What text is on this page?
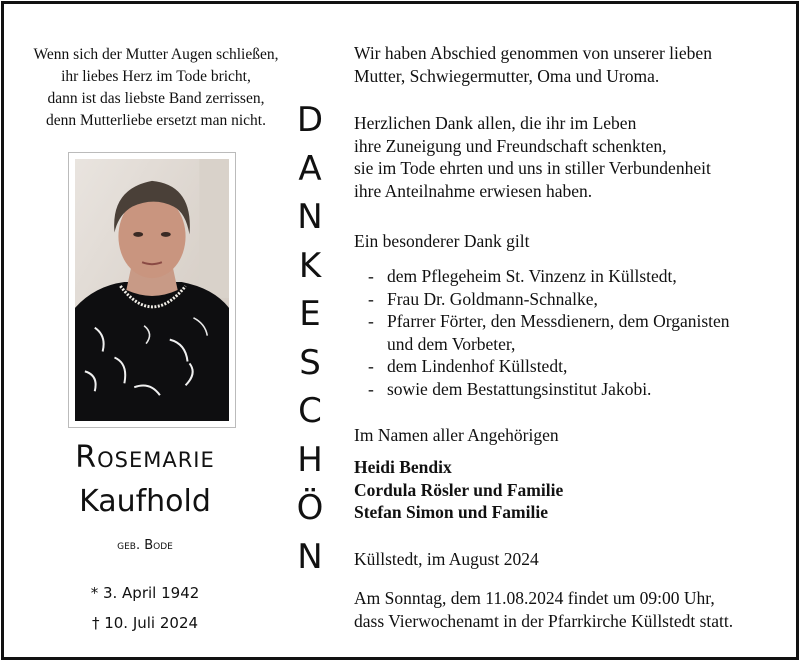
Wenn sich der Mutter Augen schließen,
ihr liebes Herz im Tode bricht,
dann ist das liebste Band zerrissen,
denn Mutterliebe ersetzt man nicht.
Rosemarie
Kaufhold
geb. Bode
* 3. April 1942
† 10. Juli 2024
D
A
N
K
E
S
C
H
Ö
N
Wir haben Abschied genommen von unserer lieben
Mutter, Schwiegermutter, Oma und Uroma.
Herzlichen Dank allen, die ihr im Leben
ihre Zuneigung und Freundschaft schenkten,
sie im Tode ehrten und uns in stiller Verbundenheit
ihre Anteilnahme erwiesen haben.
Ein besonderer Dank gilt
- dem Pflegeheim St. Vinzenz in Küllstedt,
- Frau Dr. Goldmann-Schnalke,
- Pfarrer Förter, den Messdienern, dem Organisten
und dem Vorbeter,
- dem Lindenhof Küllstedt,
- sowie dem Bestattungsinstitut Jakobi.
Im Namen aller Angehörigen
Heidi Bendix
Cordula Rösler und Familie
Stefan Simon und Familie
Küllstedt, im August 2024
Am Sonntag, dem 11.08.2024 findet um 09:00 Uhr,
dass Vierwochenamt in der Pfarrkirche Küllstedt statt.
